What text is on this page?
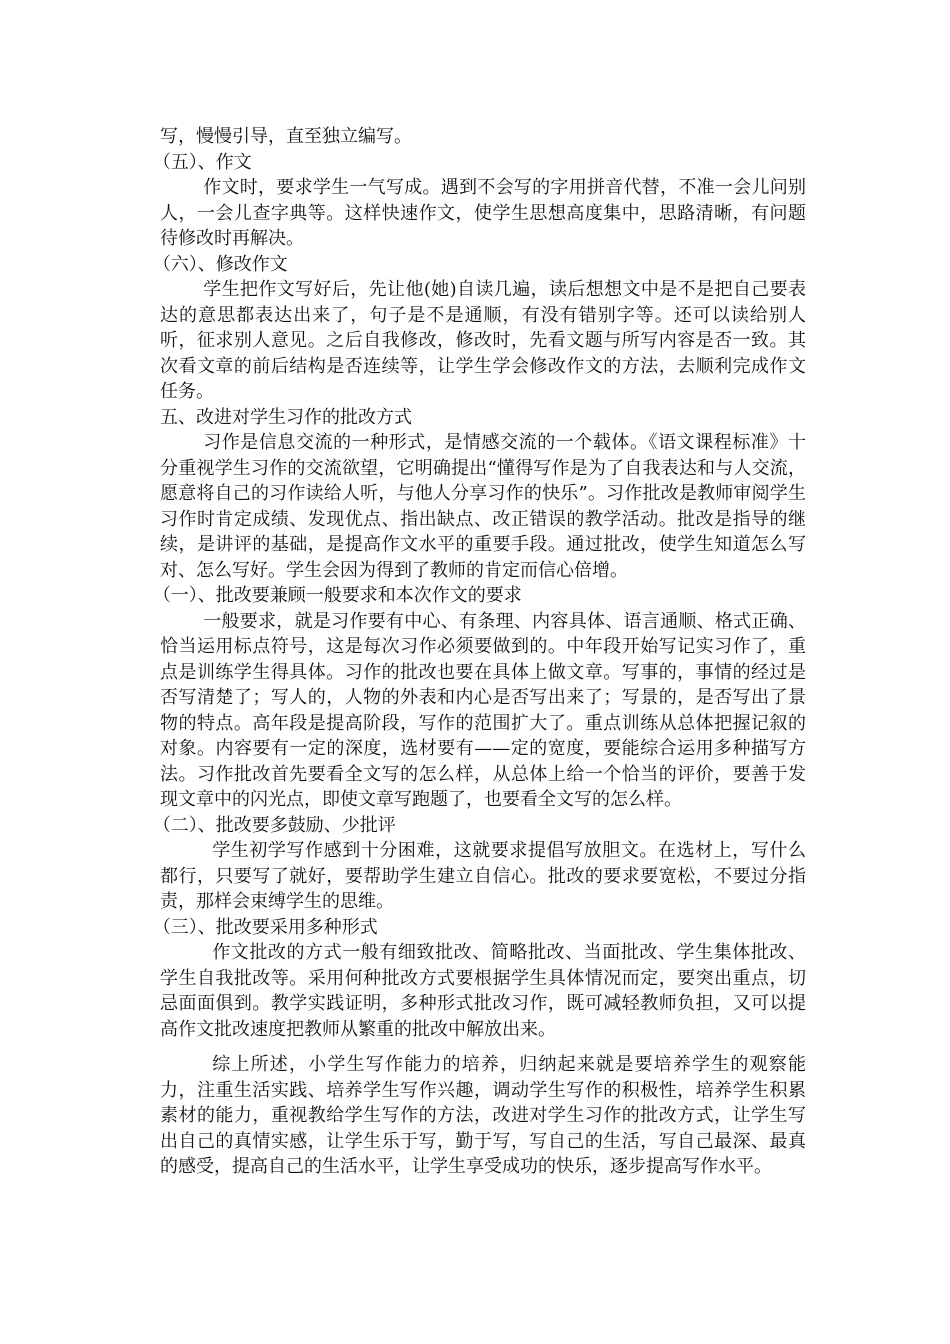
写，慢慢引导，直至独立编写。

（五）、作文

作文时，要求学生一气写成。遇到不会写的字用拼音代替，不准一会儿问别人，一会儿查字典等。这样快速作文，使学生思想高度集中，思路清晰，有问题待修改时再解决。

（六）、修改作文

学生把作文写好后，先让他(她)自读几遍，读后想想文中是不是把自己要表达的意思都表达出来了，句子是不是通顺，有没有错别字等。还可以读给别人听，征求别人意见。之后自我修改，修改时，先看文题与所写内容是否一致。其次看文章的前后结构是否连续等，让学生学会修改作文的方法，去顺利完成作文任务。

五、改进对学生习作的批改方式

习作是信息交流的一种形式，是情感交流的一个载体。《语文课程标准》十分重视学生习作的交流欲望，它明确提出“懂得写作是为了自我表达和与人交流，愿意将自己的习作读给人听，与他人分享习作的快乐”。习作批改是教师审阅学生习作时肯定成绩、发现优点、指出缺点、改正错误的教学活动。批改是指导的继续，是讲评的基础，是提高作文水平的重要手段。通过批改，使学生知道怎么写对、怎么写好。学生会因为得到了教师的肯定而信心倍增。

（一）、批改要兼顾一般要求和本次作文的要求

一般要求，就是习作要有中心、有条理、内容具体、语言通顺、格式正确、恰当运用标点符号，这是每次习作必须要做到的。中年段开始写记实习作了，重点是训练学生得具体。习作的批改也要在具体上做文章。写事的，事情的经过是否写清楚了；写人的，人物的外表和内心是否写出来了；写景的，是否写出了景物的特点。高年段是提高阶段，写作的范围扩大了。重点训练从总体把握记叙的对象。内容要有一定的深度，选材要有——定的宽度，要能综合运用多种描写方法。习作批改首先要看全文写的怎么样，从总体上给一个恰当的评价，要善于发现文章中的闪光点，即使文章写跑题了，也要看全文写的怎么样。

（二）、批改要多鼓励、少批评

学生初学写作感到十分困难，这就要求提倡写放胆文。在选材上，写什么都行，只要写了就好，要帮助学生建立自信心。批改的要求要宽松，不要过分指责，那样会束缚学生的思维。

（三）、批改要采用多种形式

作文批改的方式一般有细致批改、简略批改、当面批改、学生集体批改、学生自我批改等。采用何种批改方式要根据学生具体情况而定，要突出重点，切忌面面俱到。教学实践证明，多种形式批改习作，既可减轻教师负担，又可以提高作文批改速度把教师从繁重的批改中解放出来。

综上所述，小学生写作能力的培养，归纳起来就是要培养学生的观察能力，注重生活实践、培养学生写作兴趣，调动学生写作的积极性，培养学生积累素材的能力，重视教给学生写作的方法，改进对学生习作的批改方式，让学生写出自己的真情实感，让学生乐于写，勤于写，写自己的生活，写自己最深、最真的感受，提高自己的生活水平，让学生享受成功的快乐，逐步提高写作水平。
